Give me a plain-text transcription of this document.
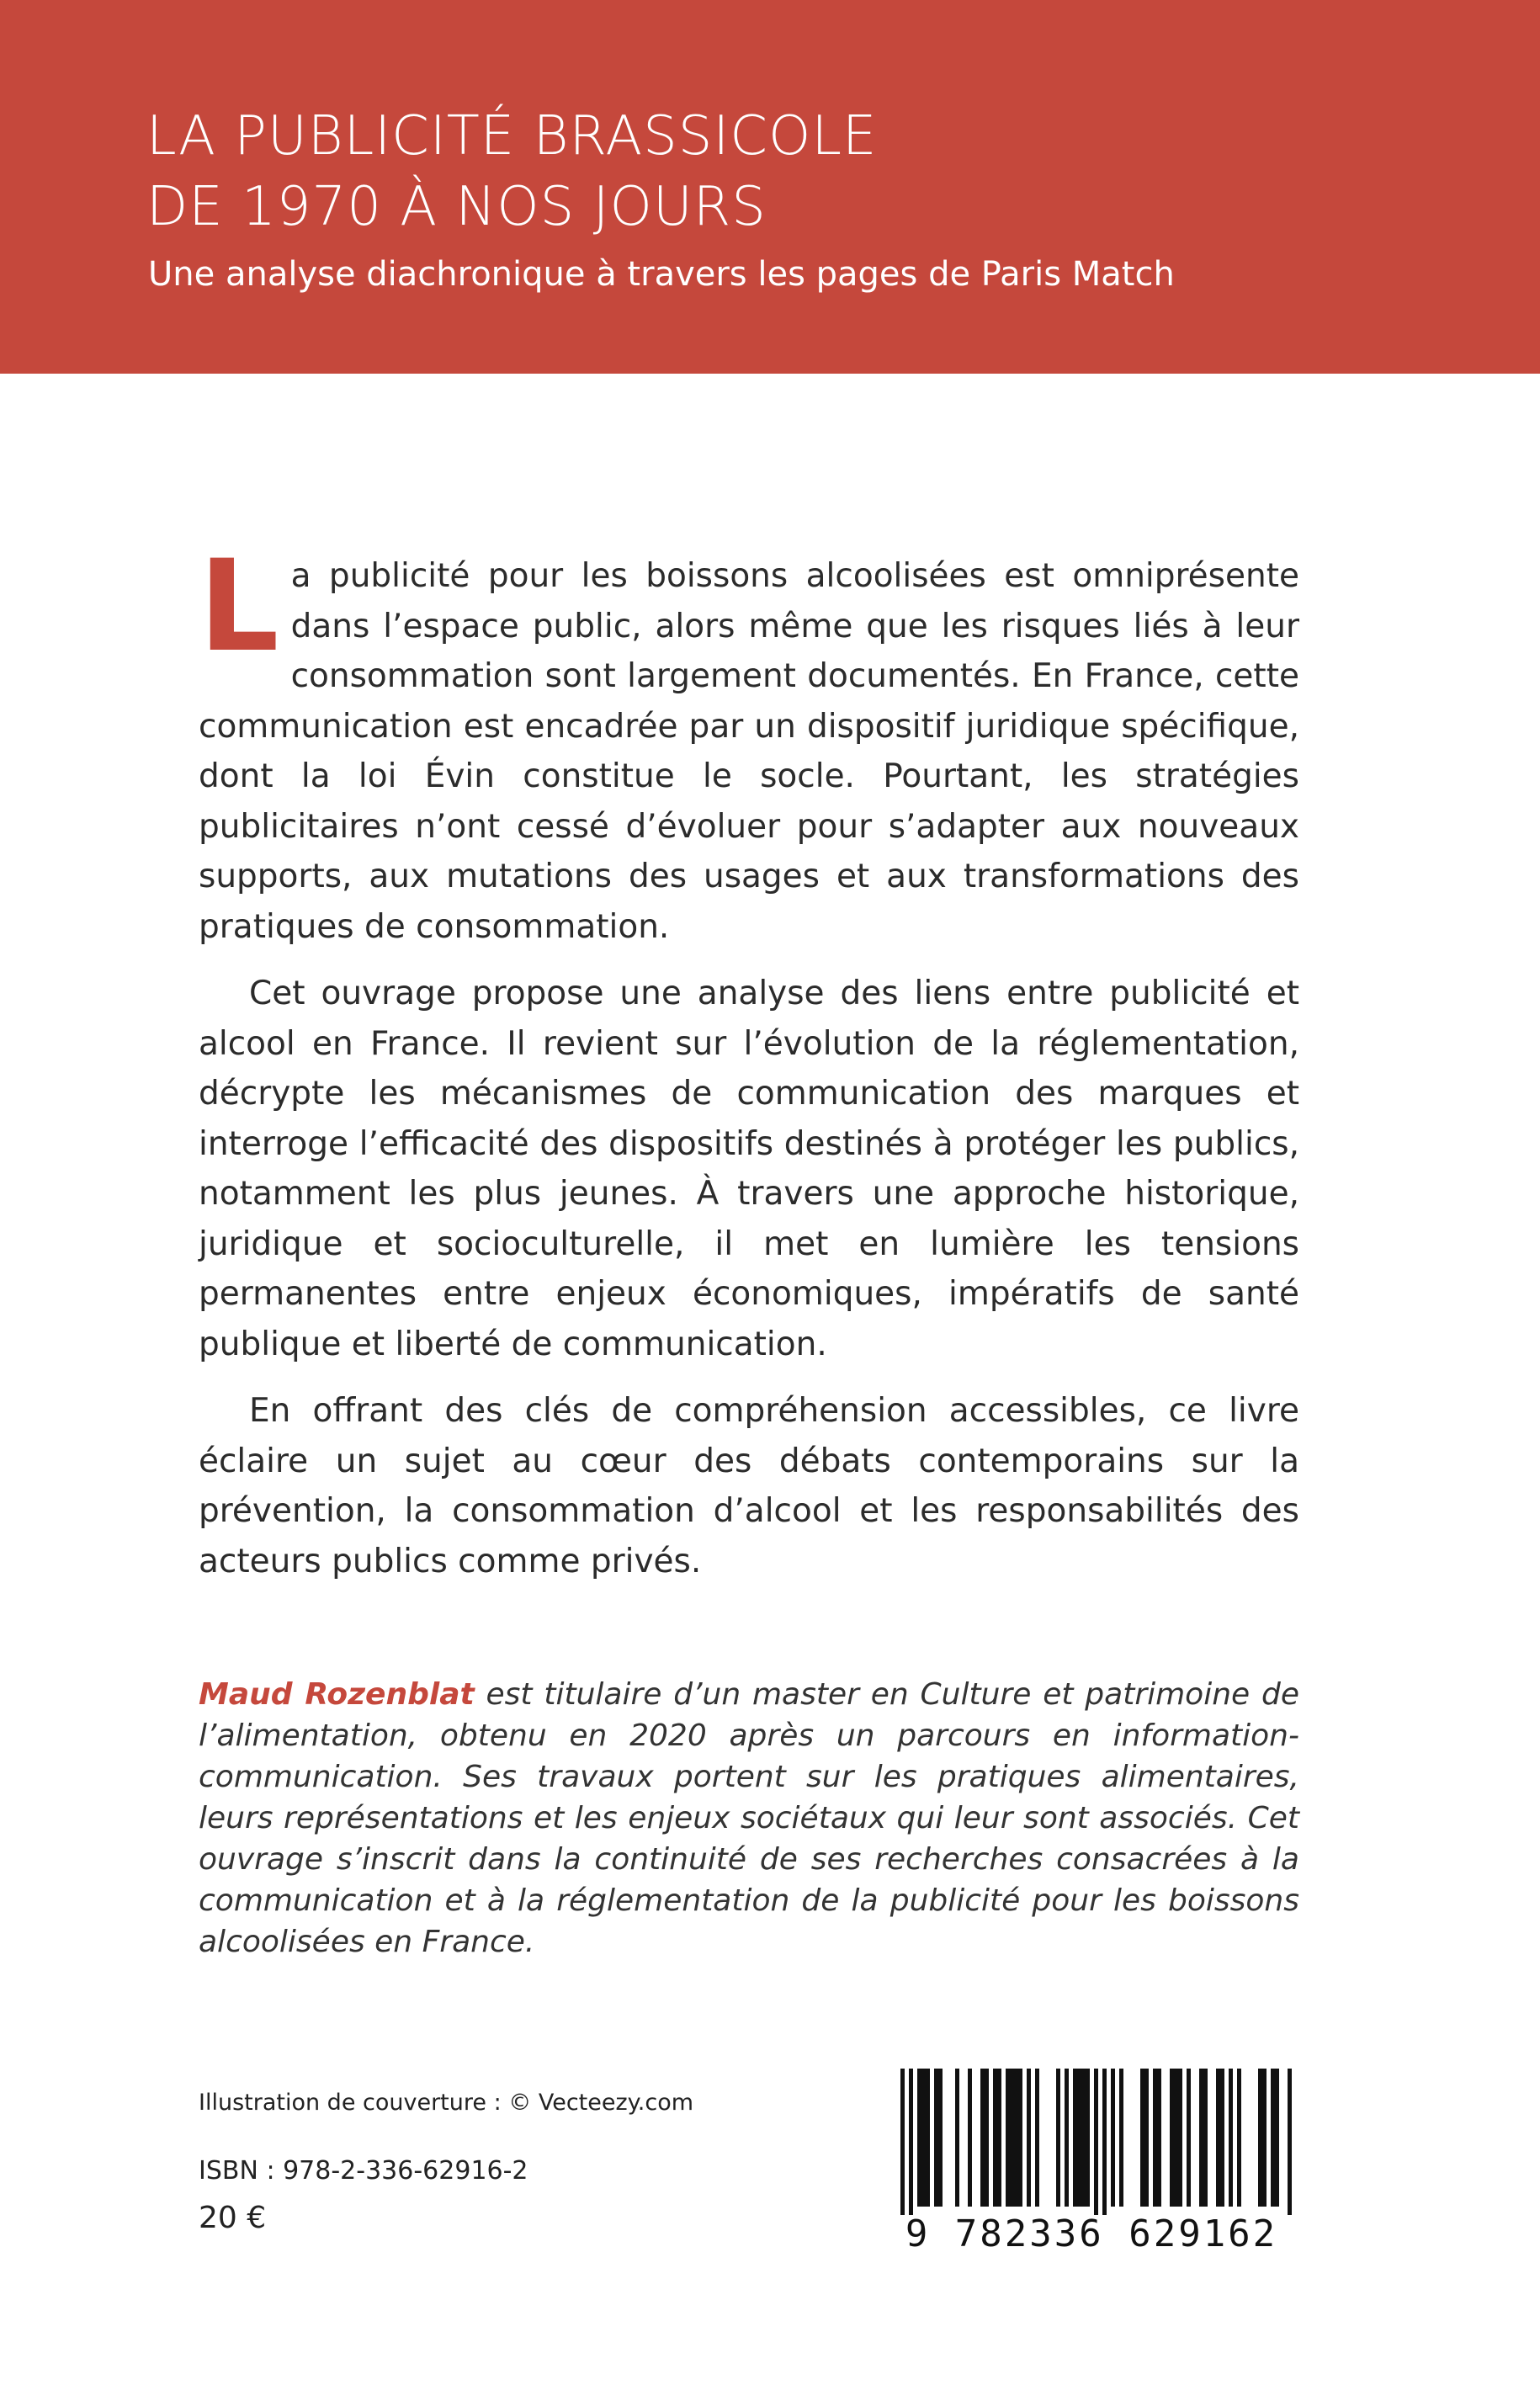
LA PUBLICITÉ BRASSICOLE
DE 1970 À NOS JOURS

Une analyse diachronique à travers les pages de Paris Match

La publicité pour les boissons alcoolisées est omniprésente dans l’espace public, alors même que les risques liés à leur consommation sont largement documentés. En France, cette communication est encadrée par un dispositif juridique spécifique, dont la loi Évin constitue le socle. Pourtant, les stratégies publicitaires n’ont cessé d’évoluer pour s’adapter aux nouveaux supports, aux mutations des usages et aux transformations des pratiques de consommation.

Cet ouvrage propose une analyse des liens entre publicité et alcool en France. Il revient sur l’évolution de la réglementation, décrypte les mécanismes de communication des marques et interroge l’efficacité des dispositifs destinés à protéger les publics, notamment les plus jeunes. À travers une approche historique, juridique et socioculturelle, il met en lumière les tensions permanentes entre enjeux économiques, impératifs de santé publique et liberté de communication.

En offrant des clés de compréhension accessibles, ce livre éclaire un sujet au cœur des débats contemporains sur la prévention, la consommation d’alcool et les responsabilités des acteurs publics comme privés.

Maud Rozenblat est titulaire d’un master en Culture et patrimoine de l’alimentation, obtenu en 2020 après un parcours en information-communication. Ses travaux portent sur les pratiques alimentaires, leurs représentations et les enjeux sociétaux qui leur sont associés. Cet ouvrage s’inscrit dans la continuité de ses recherches consacrées à la communication et à la réglementation de la publicité pour les boissons alcoolisées en France.

Illustration de couverture : © Vecteezy.com

ISBN : 978-2-336-62916-2

20 €	9 782336 629162
